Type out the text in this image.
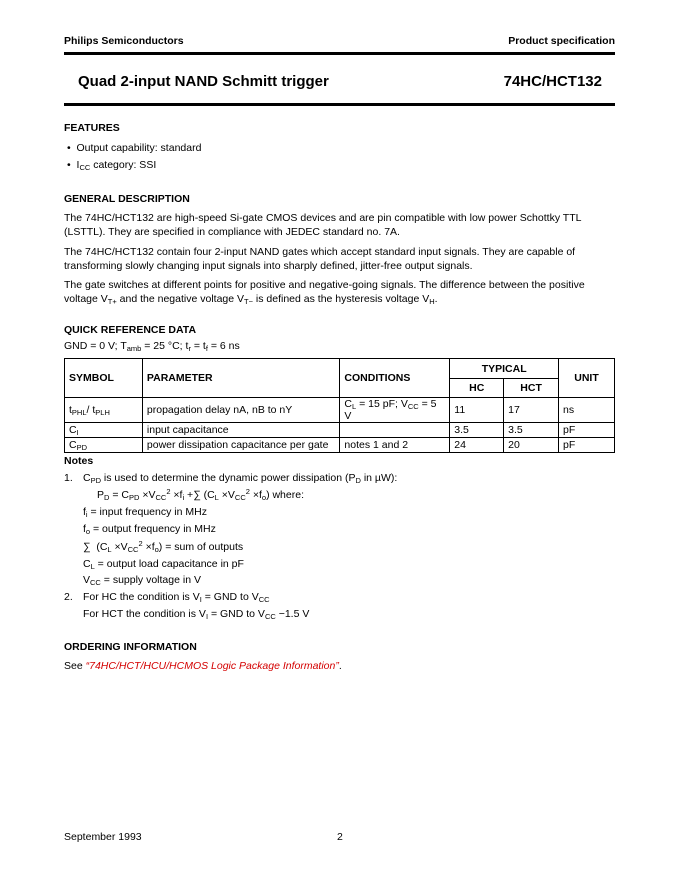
Philips Semiconductors	Product specification
Quad 2-input NAND Schmitt trigger	74HC/HCT132
FEATURES
•  Output capability: standard
•  $I_{CC}$ category: SSI
GENERAL DESCRIPTION
The 74HC/HCT132 are high-speed Si-gate CMOS devices and are pin compatible with low power Schottky TTL (LSTTL). They are specified in compliance with JEDEC standard no. 7A.
The 74HC/HCT132 contain four 2-input NAND gates which accept standard input signals. They are capable of transforming slowly changing input signals into sharply defined, jitter-free output signals.
The gate switches at different points for positive and negative-going signals. The difference between the positive voltage $V_{T+}$ and the negative voltage $V_{T-}$ is defined as the hysteresis voltage $V_H$.
QUICK REFERENCE DATA
GND = 0 V; $T_{amb} = 25$ °C; $t_r = t_f = 6$ ns
SYMBOL	PARAMETER	CONDITIONS	TYPICAL		UNIT
			HC	HCT	
$t_{PHL}/$ $t_{PLH}$	propagation delay nA, nB to nY	$C_L = 15$ pF; $V_{CC} = 5$ V	11	17	ns
$C_I$	input capacitance		3.5	3.5	pF
$C_{PD}$	power dissipation capacitance per gate	notes 1 and 2	24	20	pF
Notes
1. $C_{PD}$ is used to determine the dynamic power dissipation ($P_D$ in µW):
$P_D = C_{PD} \times V_{CC}^2 \times f_i$ +∑ $(C_L \times V_{CC}^2 \times f_o)$ where:
$f_i$ = input frequency in MHz
$f_o$ = output frequency in MHz
∑  $(C_L \times V_{CC}^2 \times f_o)$ = sum of outputs
$C_L$ = output load capacitance in pF
$V_{CC}$ = supply voltage in V
2. For HC the condition is $V_I$ = GND to $V_{CC}$
For HCT the condition is $V_I$ = GND to $V_{CC} -1.5$ V
ORDERING INFORMATION
See “74HC/HCT/HCU/HCMOS Logic Package Information”.
September 1993	2
